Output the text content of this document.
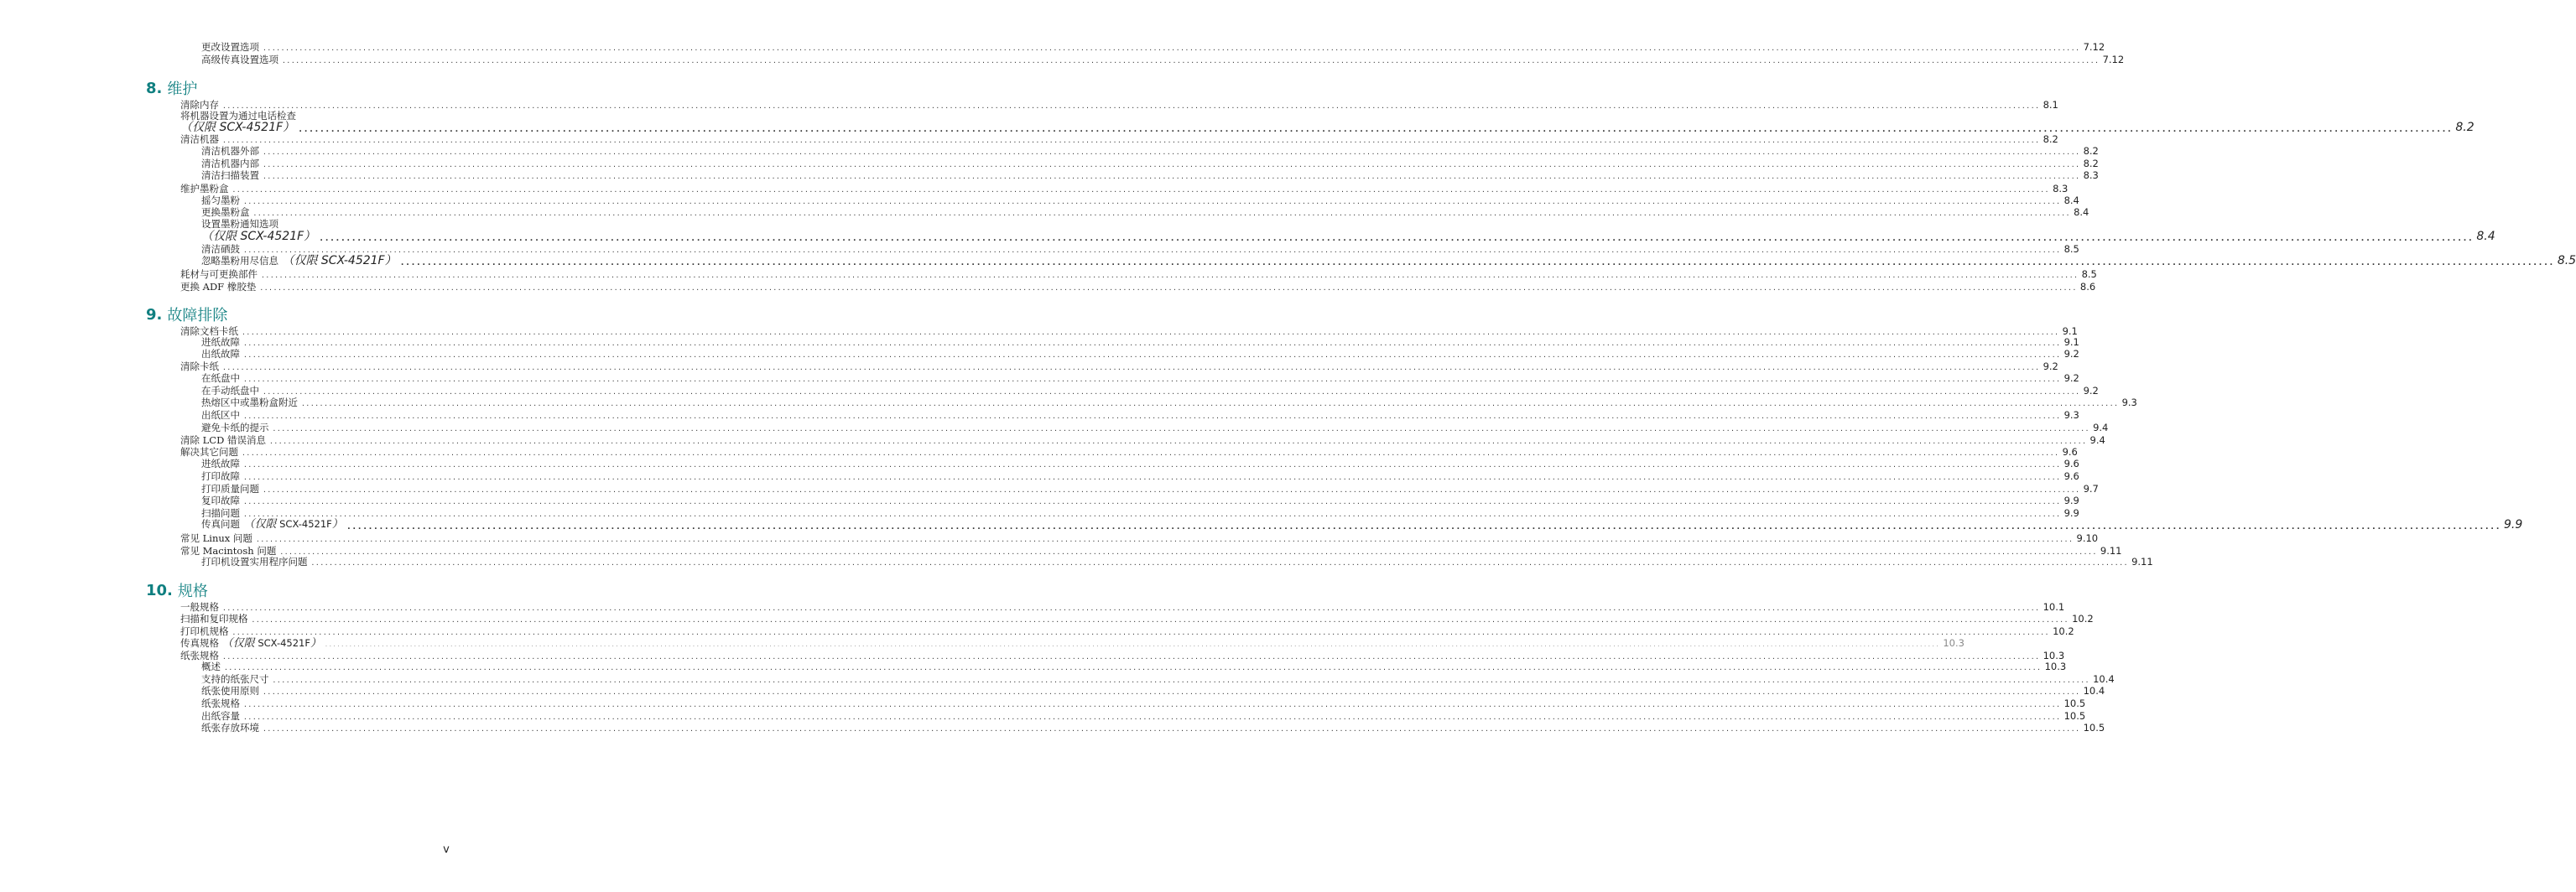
更改设置选项 ................................................................................................................................................................................................................................................................................................................................................................................................................ 7.12
高级传真设置选项 ................................................................................................................................................................................................................................................................................................................................................................................................................ 7.12
8. 维护
清除内存 ................................................................................................................................................................................................................................................................................................................................................................................................................ 8.1
将机器设置为通过电话检查
（仅限 SCX-4521F） ................................................................................................................................................................................................................................................................................................................................................................................................................ 8.2
清洁机器 ................................................................................................................................................................................................................................................................................................................................................................................................................ 8.2
清洁机器外部 ................................................................................................................................................................................................................................................................................................................................................................................................................ 8.2
清洁机器内部 ................................................................................................................................................................................................................................................................................................................................................................................................................ 8.2
清洁扫描装置 ................................................................................................................................................................................................................................................................................................................................................................................................................ 8.3
维护墨粉盒 ................................................................................................................................................................................................................................................................................................................................................................................................................ 8.3
摇匀墨粉 ................................................................................................................................................................................................................................................................................................................................................................................................................ 8.4
更换墨粉盒 ................................................................................................................................................................................................................................................................................................................................................................................................................ 8.4
设置墨粉通知选项
（仅限 SCX-4521F） ................................................................................................................................................................................................................................................................................................................................................................................................................ 8.4
清洁硒鼓 ................................................................................................................................................................................................................................................................................................................................................................................................................ 8.5
忽略墨粉用尽信息 （仅限 SCX-4521F） ................................................................................................................................................................................................................................................................................................................................................................................................................ 8.5
耗材与可更换部件 ................................................................................................................................................................................................................................................................................................................................................................................................................ 8.5
更换 ADF 橡胶垫 ................................................................................................................................................................................................................................................................................................................................................................................................................ 8.6
9. 故障排除
清除文档卡纸 ................................................................................................................................................................................................................................................................................................................................................................................................................ 9.1
进纸故障 ................................................................................................................................................................................................................................................................................................................................................................................................................ 9.1
出纸故障 ................................................................................................................................................................................................................................................................................................................................................................................................................ 9.2
清除卡纸 ................................................................................................................................................................................................................................................................................................................................................................................................................ 9.2
在纸盘中 ................................................................................................................................................................................................................................................................................................................................................................................................................ 9.2
在手动纸盘中 ................................................................................................................................................................................................................................................................................................................................................................................................................ 9.2
热熔区中或墨粉盒附近 ................................................................................................................................................................................................................................................................................................................................................................................................................ 9.3
出纸区中 ................................................................................................................................................................................................................................................................................................................................................................................................................ 9.3
避免卡纸的提示 ................................................................................................................................................................................................................................................................................................................................................................................................................ 9.4
清除 LCD 错误消息 ................................................................................................................................................................................................................................................................................................................................................................................................................ 9.4
解决其它问题 ................................................................................................................................................................................................................................................................................................................................................................................................................ 9.6
进纸故障 ................................................................................................................................................................................................................................................................................................................................................................................................................ 9.6
打印故障 ................................................................................................................................................................................................................................................................................................................................................................................................................ 9.6
打印质量问题 ................................................................................................................................................................................................................................................................................................................................................................................................................ 9.7
复印故障 ................................................................................................................................................................................................................................................................................................................................................................................................................ 9.9
扫描问题 ................................................................................................................................................................................................................................................................................................................................................................................................................ 9.9
传真问题 （仅限 SCX-4521F） ................................................................................................................................................................................................................................................................................................................................................................................................................ 9.9
常见 Linux 问题 ................................................................................................................................................................................................................................................................................................................................................................................................................ 9.10
常见 Macintosh 问题 ................................................................................................................................................................................................................................................................................................................................................................................................................ 9.11
打印机设置实用程序问题 ................................................................................................................................................................................................................................................................................................................................................................................................................ 9.11
10. 规格
一般规格 ................................................................................................................................................................................................................................................................................................................................................................................................................ 10.1
扫描和复印规格 ................................................................................................................................................................................................................................................................................................................................................................................................................ 10.2
打印机规格 ................................................................................................................................................................................................................................................................................................................................................................................................................ 10.2
传真规格 （仅限 SCX-4521F） ................................................................................................................................................................................................................................................................................................................................................................................................................ 10.3
纸张规格 ................................................................................................................................................................................................................................................................................................................................................................................................................ 10.3
概述 ................................................................................................................................................................................................................................................................................................................................................................................................................ 10.3
支持的纸张尺寸 ................................................................................................................................................................................................................................................................................................................................................................................................................ 10.4
纸张使用原则 ................................................................................................................................................................................................................................................................................................................................................................................................................ 10.4
纸张规格 ................................................................................................................................................................................................................................................................................................................................................................................................................ 10.5
出纸容量 ................................................................................................................................................................................................................................................................................................................................................................................................................ 10.5
纸张存放环境 ................................................................................................................................................................................................................................................................................................................................................................................................................ 10.5
v
